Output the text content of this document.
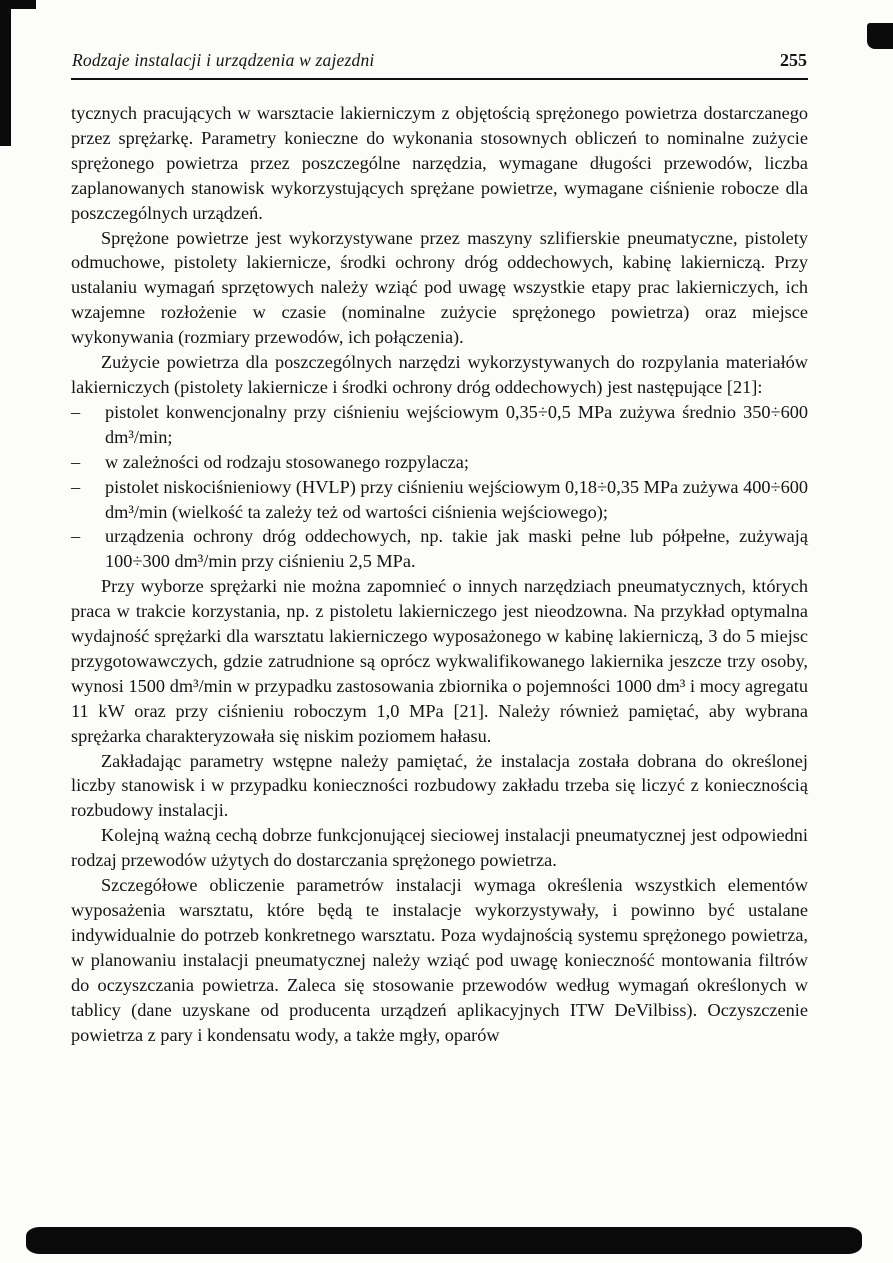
Rodzaje instalacji i urządzenia w zajezdni	255

tycznych pracujących w warsztacie lakierniczym z objętością sprężonego powietrza dostarczanego przez sprężarkę. Parametry konieczne do wykonania stosownych obliczeń to nominalne zużycie sprężonego powietrza przez poszczególne narzędzia, wymagane długości przewodów, liczba zaplanowanych stanowisk wykorzystujących sprężane powietrze, wymagane ciśnienie robocze dla poszczególnych urządzeń.

Sprężone powietrze jest wykorzystywane przez maszyny szlifierskie pneumatyczne, pistolety odmuchowe, pistolety lakiernicze, środki ochrony dróg oddechowych, kabinę lakierniczą. Przy ustalaniu wymagań sprzętowych należy wziąć pod uwagę wszystkie etapy prac lakierniczych, ich wzajemne rozłożenie w czasie (nominalne zużycie sprężonego powietrza) oraz miejsce wykonywania (rozmiary przewodów, ich połączenia).

Zużycie powietrza dla poszczególnych narzędzi wykorzystywanych do rozpylania materiałów lakierniczych (pistolety lakiernicze i środki ochrony dróg oddechowych) jest następujące [21]:

–	pistolet konwencjonalny przy ciśnieniu wejściowym 0,35÷0,5 MPa zużywa średnio 350÷600 dm³/min;
–	w zależności od rodzaju stosowanego rozpylacza;
–	pistolet niskociśnieniowy (HVLP) przy ciśnieniu wejściowym 0,18÷0,35 MPa zużywa 400÷600 dm³/min (wielkość ta zależy też od wartości ciśnienia wejściowego);
–	urządzenia ochrony dróg oddechowych, np. takie jak maski pełne lub półpełne, zużywają 100÷300 dm³/min przy ciśnieniu 2,5 MPa.

Przy wyborze sprężarki nie można zapomnieć o innych narzędziach pneumatycznych, których praca w trakcie korzystania, np. z pistoletu lakierniczego jest nieodzowna. Na przykład optymalna wydajność sprężarki dla warsztatu lakierniczego wyposażonego w kabinę lakierniczą, 3 do 5 miejsc przygotowawczych, gdzie zatrudnione są oprócz wykwalifikowanego lakiernika jeszcze trzy osoby, wynosi 1500 dm³/min w przypadku zastosowania zbiornika o pojemności 1000 dm³ i mocy agregatu 11 kW oraz przy ciśnieniu roboczym 1,0 MPa [21]. Należy również pamiętać, aby wybrana sprężarka charakteryzowała się niskim poziomem hałasu.

Zakładając parametry wstępne należy pamiętać, że instalacja została dobrana do określonej liczby stanowisk i w przypadku konieczności rozbudowy zakładu trzeba się liczyć z koniecznością rozbudowy instalacji.

Kolejną ważną cechą dobrze funkcjonującej sieciowej instalacji pneumatycznej jest odpowiedni rodzaj przewodów użytych do dostarczania sprężonego powietrza.

Szczegółowe obliczenie parametrów instalacji wymaga określenia wszystkich elementów wyposażenia warsztatu, które będą te instalacje wykorzystywały, i powinno być ustalane indywidualnie do potrzeb konkretnego warsztatu. Poza wydajnością systemu sprężonego powietrza, w planowaniu instalacji pneumatycznej należy wziąć pod uwagę konieczność montowania filtrów do oczyszczania powietrza. Zaleca się stosowanie przewodów według wymagań określonych w tablicy (dane uzyskane od producenta urządzeń aplikacyjnych ITW DeVilbiss). Oczyszczenie powietrza z pary i kondensatu wody, a także mgły, oparów
